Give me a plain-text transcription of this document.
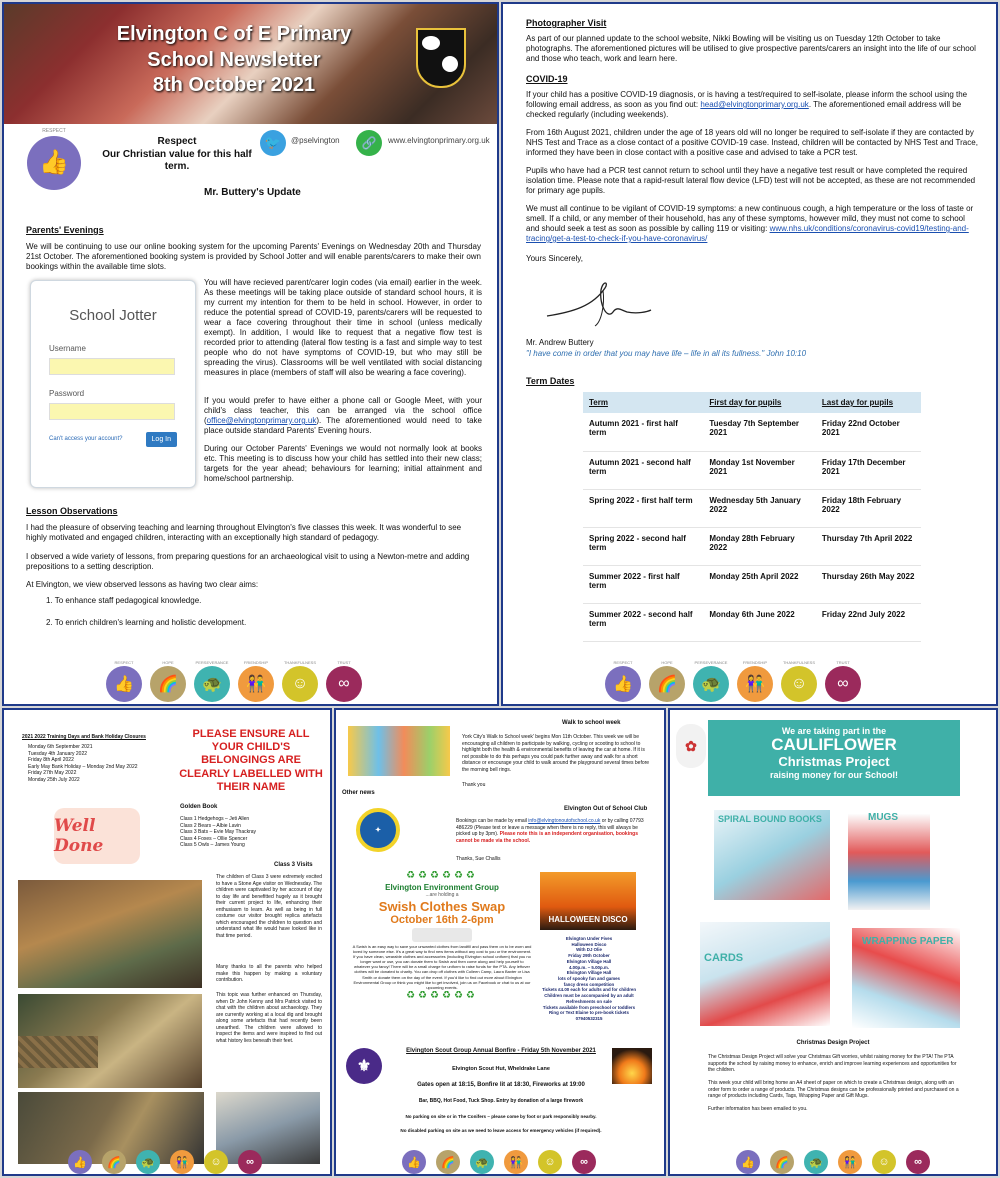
Elvington C of E Primary
School Newsletter
8th October 2021
RESPECT
👍
Respect
Our Christian value for this half term.
🐦	@pselvington	🔗	www.elvingtonprimary.org.uk
Mr. Buttery's Update
Parents' Evenings

We will be continuing to use our online booking system for the upcoming Parents' Evenings on Wednesday 20th and Thursday 21st October. The aforementioned booking system is provided by School Jotter and will enable parents/carers to make their own bookings within the available time slots.

School Jotter
Username
Password
Can't access your account?	Log In

You will have recieved parent/carer login codes (via email) earlier in the week. As these meetings will be taking place outside of standard school hours, it is my current my intention for them to be held in school. However, in order to reduce the potential spread of COVID-19, parents/carers will be requested to wear a face covering throughout their time in school (unless medically exempt). In addition, I would like to request that a negative flow test is recorded prior to attending (lateral flow testing is a fast and simple way to test people who do not have symptoms of COVID-19, but who may still be spreading the virus). Classrooms will be well ventilated with social distancing measures in place (members of staff will also be wearing a face covering).

If you would prefer to have either a phone call or Google Meet, with your child's class teacher, this can be arranged via the school office (office@elvingtonprimary.org.uk). The aforementioned would need to take place outside standard Parents' Evening hours.

During our October Parents' Evenings we would not normally look at books etc. This meeting is to discuss how your child has settled into their new class; targets for the year ahead; behaviours for learning; initial attainment and home/school partnership.

Lesson Observations

I had the pleasure of observing teaching and learning throughout Elvington's five classes this week. It was wonderful to see highly motivated and engaged children, interacting with an exceptionally high standard of pedagogy.

I observed a wide variety of lessons, from preparing questions for an archaeological visit to using a Newton-metre and adding prepositions to a setting description.

At Elvington, we view observed lessons as having two clear aims:

1. To enhance staff pedagogical knowledge.

2. To enrich children's learning and holistic development.

RESPECT
👍
HOPE
🌈
PERSEVERANCE
🐢
FRIENDSHIP
👫
THANKFULNESS
☺
TRUST
∞
Photographer Visit

As part of our planned update to the school website, Nikki Bowling will be visiting us on Tuesday 12th October to take photographs. The aforementioned pictures will be utilised to give prospective parents/carers an insight into the life of our school and those who teach, work and learn here.

COVID-19

If your child has a positive COVID-19 diagnosis, or is having a test/required to self-isolate, please inform the school using the following email address, as soon as you find out: head@elvingtonprimary.org.uk. The aforementioned email address will be checked regularly (including weekends).

From 16th August 2021, children under the age of 18 years old will no longer be required to self-isolate if they are contacted by NHS Test and Trace as a close contact of a positive COVID-19 case. Instead, children will be contacted by NHS Test and Trace, informed they have been in close contact with a positive case and advised to take a PCR test.

Pupils who have had a PCR test cannot return to school until they have a negative test result or have completed the required isolation time. Please note that a rapid-result lateral flow device (LFD) test will not be accepted, as these are not recommended for primary age pupils.

We must all continue to be vigilant of COVID-19 symptoms: a new continuous cough, a high temperature or the loss of taste or smell. If a child, or any member of their household, has any of these symptoms, however mild, they must not come to school and should seek a test as soon as possible by calling 119 or visiting: www.nhs.uk/conditions/coronavirus-covid19/testing-and-tracing/get-a-test-to-check-if-you-have-coronavirus/

Yours Sincerely,

Mr. Andrew Buttery

"I have come in order that you may have life – life in all its fullness." John 10:10

Term Dates
Term	First day for pupils	Last day for pupils
Autumn 2021 - first half term	Tuesday 7th September 2021	Friday 22nd October 2021
Autumn 2021 - second half term	Monday 1st November 2021	Friday 17th December 2021
Spring 2022 - first half term	Wednesday 5th January 2022	Friday 18th February 2022
Spring 2022 - second half term	Monday 28th February 2022	Thursday 7th April 2022
Summer 2022 - first half term	Monday 25th April 2022	Thursday 26th May 2022
Summer 2022 - second half term	Monday 6th June 2022	Friday 22nd July 2022
RESPECT
👍
HOPE
🌈
PERSEVERANCE
🐢
FRIENDSHIP
👫
THANKFULNESS
☺
TRUST
∞
2021 2022 Training Days and Bank Holiday Closures
Monday 6th September 2021
Tuesday 4th January 2022
Friday 8th April 2022
Early May Bank Holiday – Monday 2nd May 2022
Friday 27th May 2022
Monday 25th July 2022
PLEASE ENSURE ALL YOUR CHILD'S BELONGINGS ARE CLEARLY LABELLED WITH THEIR NAME
Well Done
Golden Book
Class 1 Hedgehogs – Jeti Allen
Class 2 Bears – Albie Lavin
Class 3 Bats – Evie May Thackray
Class 4 Foxes – Ollie Spencer
Class 5 Owls – James Young
Class 3 Visits

The children of Class 3 were extremely excited to have a Stone Age visitor on Wednesday. The children were captivated by her account of day to day life and benefitted hugely as it brought their current project to life, enhancing their enthusiasm to learn. As well as being in full costume our visitor brought replica artefacts which encouraged the children to question and understand what life would have looked like in that time period.

Many thanks to all the parents who helped make this happen by making a voluntary contribution.

This topic was further enhanced on Thursday, when Dr John Kenny and Mrs Patrick visited to chat with the children about archaeology. They are currently working at a local dig and brought along some artefacts that had recently been unearthed. The children were allowed to inspect the items and were inspired to find out what history lies beneath their feet.

👍	🌈	🐢	👫	☺	∞
Walk to school week

York City's Walk to School week' begins Mon 11th October. This week we will be encouraging all children to participate by walking, cycling or scooting to school to highlight both the health & environmental benefits of leaving the car at home. If it is not possible to do this perhaps you could park further away and walk for a short distance or encourage your child to walk around the playground several times before the morning bell rings.

Thank you

Other news
Elvington Out of School Club
✦

Bookings can be made by email info@elvingtonoutofschool.co.uk or by calling 07793 486229 (Please text or leave a message when there is no reply, this will always be picked up by 3pm). Please note this is an independent organisation, bookings cannot be made via the school.

Thanks, Sue Challis

♻♻♻♻♻♻
Elvington Environment Group
...are holding a
Swish Clothes Swap
October 16th 2-6pm

A Swish is an easy way to save your unwanted clothes from landfill and pass them on to be worn and loved by someone else. It's a great way to find new items without any cost to you or the environment. If you have clean, wearable clothes and accessories (including Elvington school uniform) that you no longer want or use, you can donate them to Swish and then come along and help yourself to whatever you fancy! There will be a small charge for uniform to raise funds for the PTA. Any leftover clothes will be donated to charity. You can drop off clothes with Colleen Camp, Laura Baxter or Lisa Smith or donate them on the day of the event. If you'd like to find out more about Elvington Environmental Group or think you might like to get involved, join us on Facebook or chat to us at our upcoming events.

♻♻♻♻♻♻
HALLOWEEN DISCO
Elvington Under Fives
Halloween Disco
With DJ Olie
Friday 29th October
Elvington Village Hall
4.00p.m. – 5.00p.m.
Elvington Village Hall
lots of spooky fun and games
fancy dress competition
Tickets £4.00 each for adults and for children
Children must be accompanied by an adult
Refreshments on sale
Tickets available from preschool or toddlers
Ring or Text Elaine to pre-book tickets
07940532315
Elvington Scout Group Annual Bonfire - Friday 5th November 2021
⚜	Elvington Scout Hut, Wheldrake Lane
Gates open at 18:15, Bonfire lit at 18:30, Fireworks at 19:00
Bar, BBQ, Hot Food, Tuck Shop. Entry by donation of a large firework
No parking on site or in The Conifers – please come by foot or park responsibly nearby.
No disabled parking on site as we need to leave access for emergency vehicles (if required).
👍	🌈	🐢	👫	☺	∞
We are taking part in the
CAULIFLOWER
Christmas Project
raising money for our School!
✿
SPIRAL BOUND BOOKS	MUGS
CARDS
WRAPPING PAPER
Christmas Design Project

The Christmas Design Project will solve your Christmas Gift worries, whilst raising money for the PTA! The PTA supports the school by raising money to enhance, enrich and improve learning experiences and opportunities for the children.

This week your child will bring home an A4 sheet of paper on which to create a Christmas design, along with an order form to order a range of products. The Christmas designs can be professionally printed and purchased on a range of products including Cards, Tags, Wrapping Paper and Gift Mugs.

Further information has been emailed to you.

👍	🌈	🐢	👫	☺	∞
